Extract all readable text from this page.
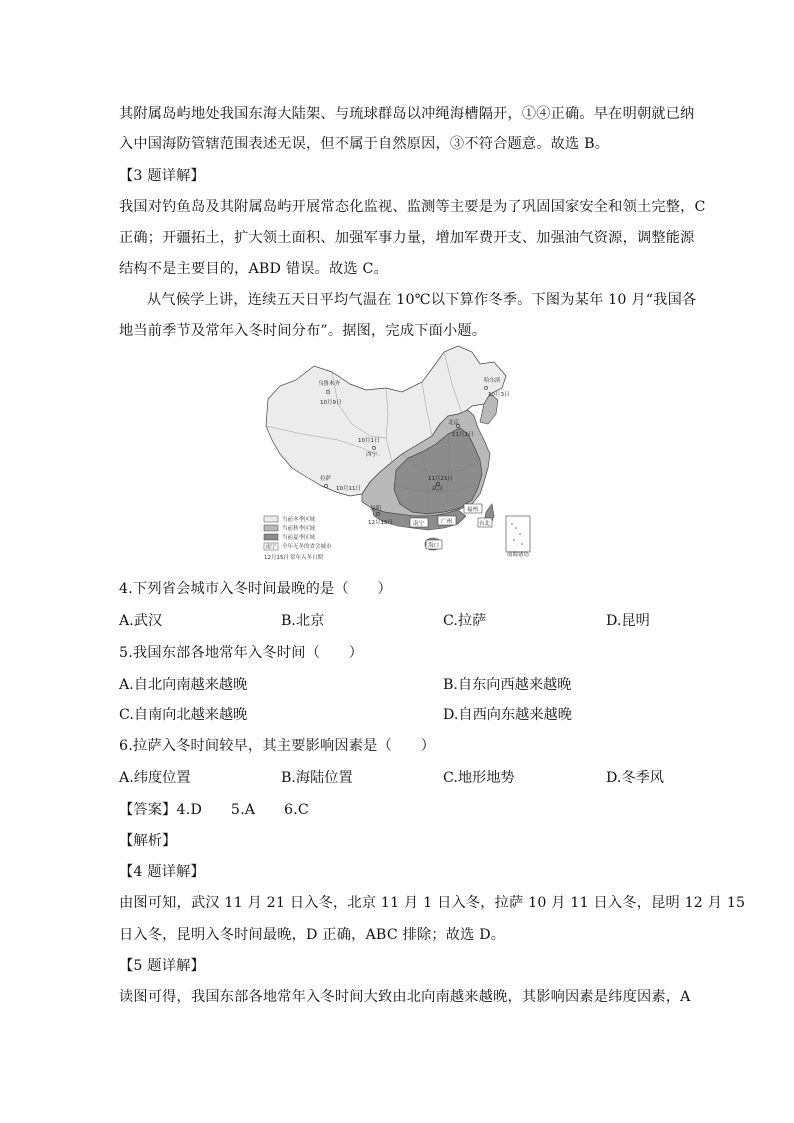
其附属岛屿地处我国东海大陆架、与琉球群岛以冲绳海槽隔开，①④正确。早在明朝就已纳
入中国海防管辖范围表述无误，但不属于自然原因，③不符合题意。故选 B。
【3 题详解】
我国对钓鱼岛及其附属岛屿开展常态化监视、监测等主要是为了巩固国家安全和领土完整，C
正确；开疆拓土，扩大领土面积、加强军事力量，增加军费开支、加强油气资源，调整能源
结构不是主要目的，ABD 错误。故选 C。
从气候学上讲，连续五天日平均气温在 10℃以下算作冬季。下图为某年 10 月“我国各
地当前季节及常年入冬时间分布”。据图，完成下面小题。
南海诸岛
乌鲁木齐
10月9日
哈尔滨
10月3日
北京
11月1日
10月1日
西宁
拉萨
10月11日
11月21日
武汉
昆明
12月15日	南宁	广州
福州
台北
海口
当前冬季区域
当前秋季区域
当前夏季区域
南宁 全年无冬的省会城市
12月15日 常年入冬日期
4.下列省会城市入冬时间最晚的是（　　）
A.武汉	B.北京	C.拉萨	D.昆明
5.我国东部各地常年入冬时间（　　）
A.自北向南越来越晚	B.自东向西越来越晚
C.自南向北越来越晚	D.自西向东越来越晚
6.拉萨入冬时间较早，其主要影响因素是（　　）
A.纬度位置	B.海陆位置	C.地形地势	D.冬季风
【答案】4.D　　5.A　　6.C
【解析】
【4 题详解】
由图可知，武汉 11 月 21 日入冬，北京 11 月 1 日入冬，拉萨 10 月 11 日入冬，昆明 12 月 15
日入冬，昆明入冬时间最晚，D 正确，ABC 排除；故选 D。
【5 题详解】
读图可得，我国东部各地常年入冬时间大致由北向南越来越晚，其影响因素是纬度因素，A
